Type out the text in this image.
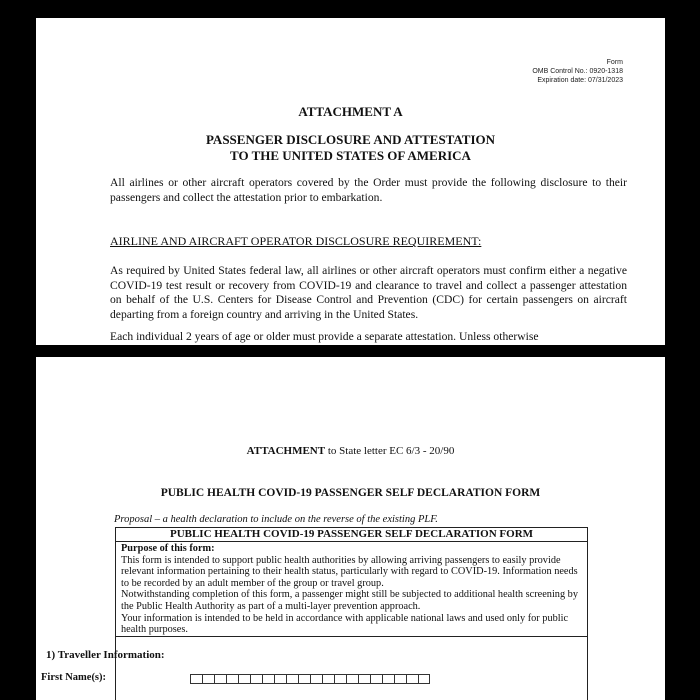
Form
OMB Control No.: 0920-1318
Expiration date: 07/31/2023
ATTACHMENT A
PASSENGER DISCLOSURE AND ATTESTATION
TO THE UNITED STATES OF AMERICA
All airlines or other aircraft operators covered by the Order must provide the following disclosure to their passengers and collect the attestation prior to embarkation.
AIRLINE AND AIRCRAFT OPERATOR DISCLOSURE REQUIREMENT:
As required by United States federal law, all airlines or other aircraft operators must confirm either a negative COVID-19 test result or recovery from COVID-19 and clearance to travel and collect a passenger attestation on behalf of the U.S. Centers for Disease Control and Prevention (CDC) for certain passengers on aircraft departing from a foreign country and arriving in the United States.
Each individual 2 years of age or older must provide a separate attestation. Unless otherwise
ATTACHMENT to State letter EC 6/3 - 20/90
PUBLIC HEALTH COVID-19 PASSENGER SELF DECLARATION FORM
Proposal – a health declaration to include on the reverse of the existing PLF.
PUBLIC HEALTH COVID-19 PASSENGER SELF DECLARATION FORM
Purpose of this form:

This form is intended to support public health authorities by allowing arriving passengers to easily provide relevant information pertaining to their health status, particularly with regard to COVID-19. Information needs to be recorded by an adult member of the group or travel group.

Notwithstanding completion of this form, a passenger might still be subjected to additional health screening by the Public Health Authority as part of a multi-layer prevention approach.

Your information is intended to be held in accordance with applicable national laws and used only for public health purposes.

1) Traveller Information:
First Name(s):
